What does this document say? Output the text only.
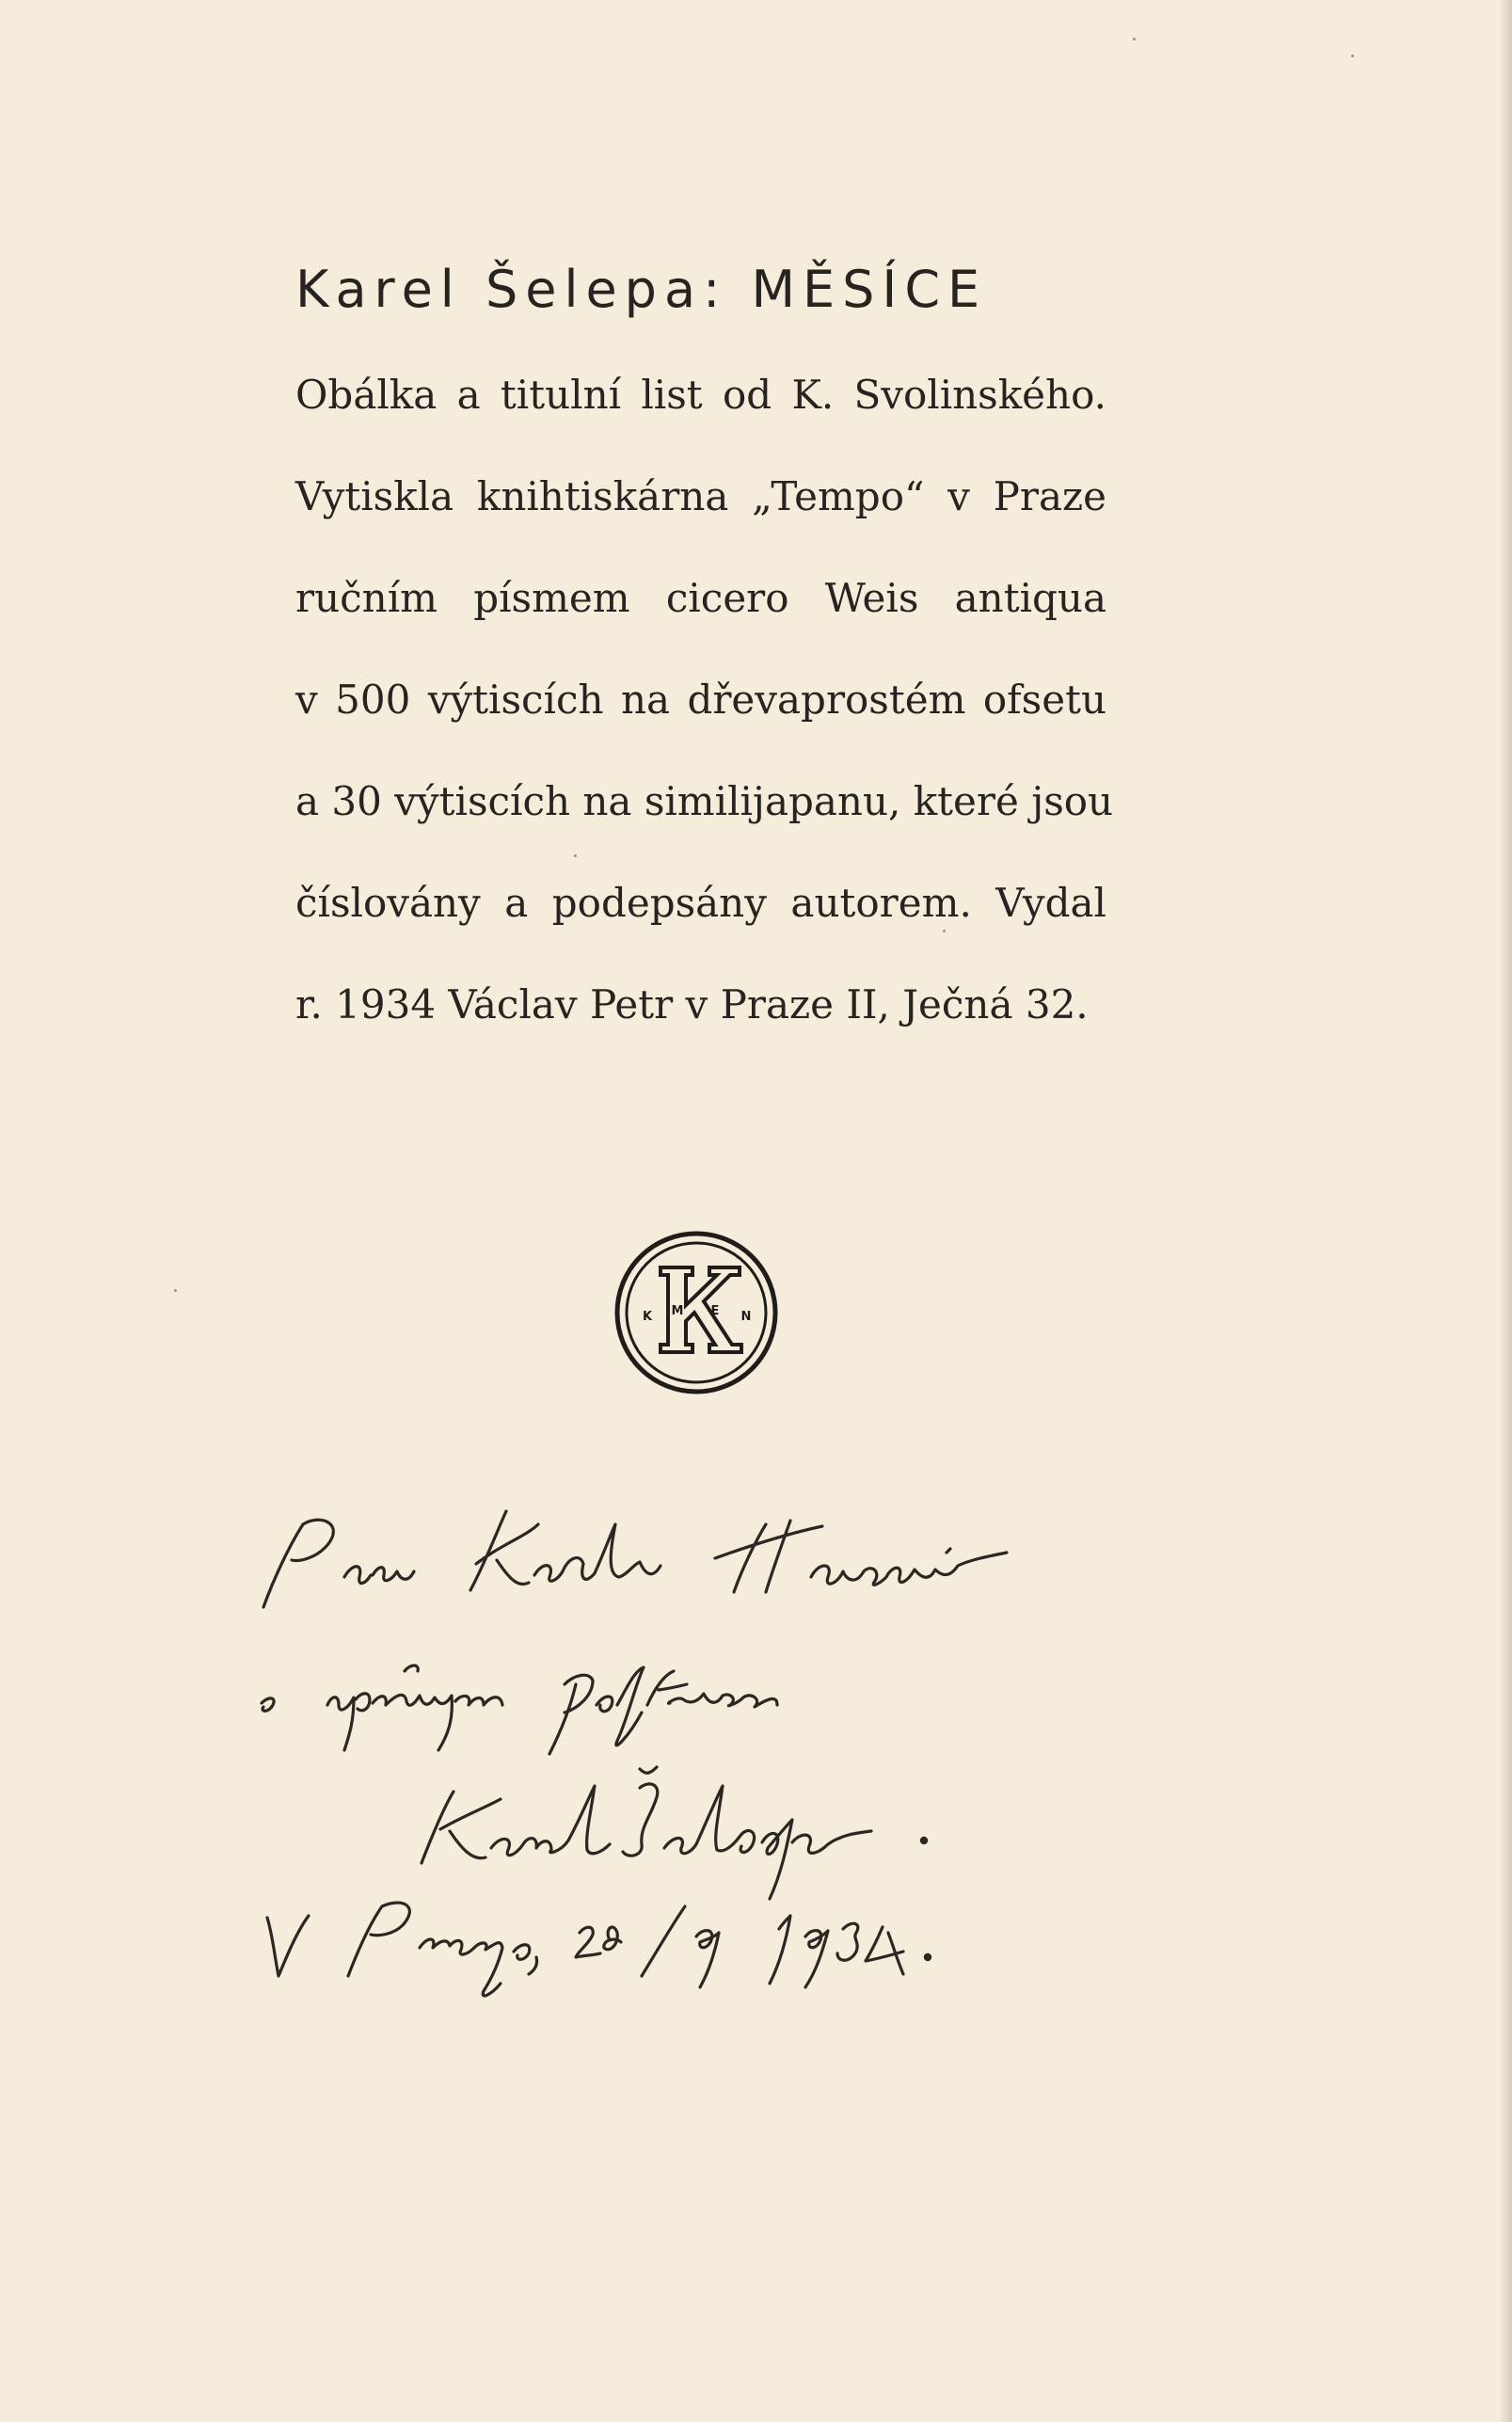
Karel Šelepa: MĚSÍCE
Obálka a titulní list od K. Svolinského.
Vytiskla knihtiskárna „Tempo“ v Praze
ručním písmem cicero Weis antiqua
v 500 výtiscích na dřevaprostém ofsetu
a 30 výtiscích na similijapanu, které jsou
číslovány a podepsány autorem. Vydal
r. 1934 Václav Petr v Praze II, Ječná 32.
K M E N
